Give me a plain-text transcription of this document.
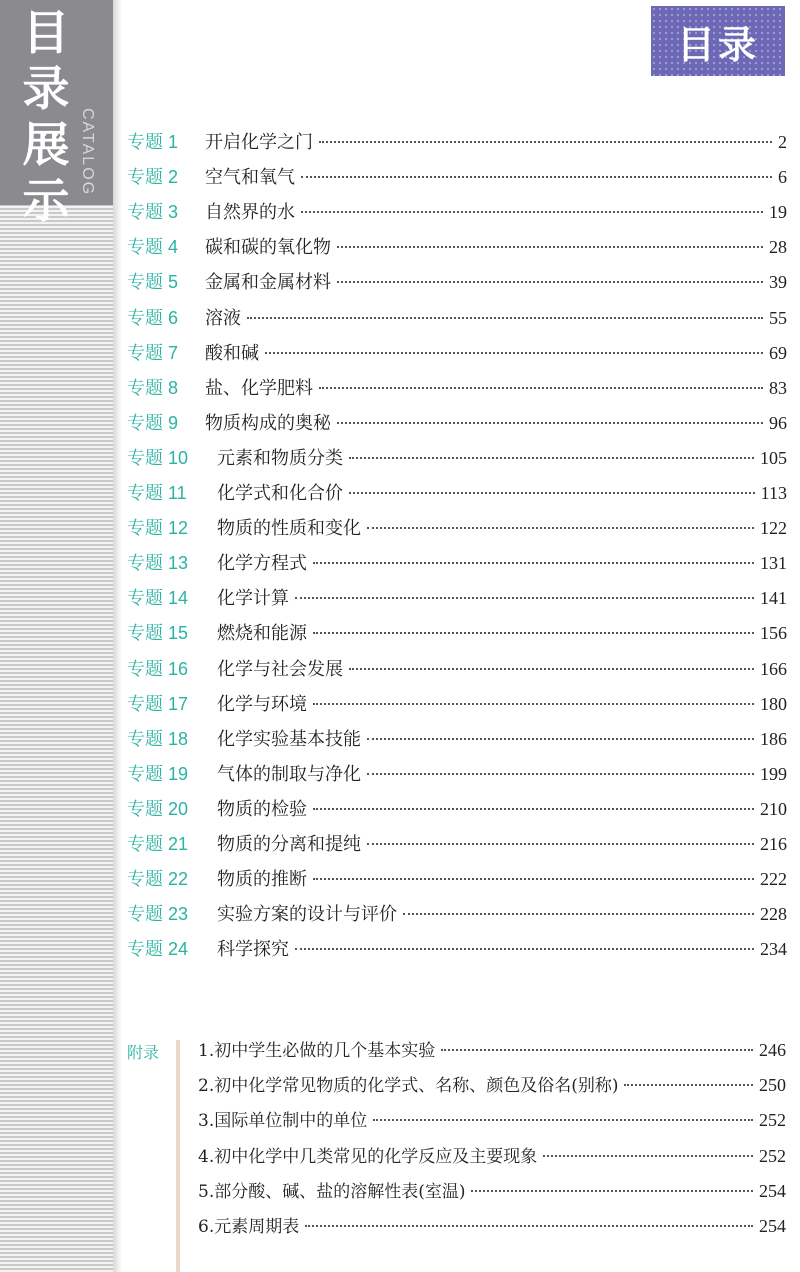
目
录
展
示
CATALOG
目录
专题 1	开启化学之门	2
专题 2	空气和氧气	6
专题 3	自然界的水	19
专题 4	碳和碳的氧化物	28
专题 5	金属和金属材料	39
专题 6	溶液	55
专题 7	酸和碱	69
专题 8	盐、化学肥料	83
专题 9	物质构成的奥秘	96
专题 10	元素和物质分类	105
专题 11	化学式和化合价	113
专题 12	物质的性质和变化	122
专题 13	化学方程式	131
专题 14	化学计算	141
专题 15	燃烧和能源	156
专题 16	化学与社会发展	166
专题 17	化学与环境	180
专题 18	化学实验基本技能	186
专题 19	气体的制取与净化	199
专题 20	物质的检验	210
专题 21	物质的分离和提纯	216
专题 22	物质的推断	222
专题 23	实验方案的设计与评价	228
专题 24	科学探究	234
附录 1.初中学生必做的几个基本实验	246
2.初中化学常见物质的化学式、名称、颜色及俗名(别称)	250
3.国际单位制中的单位	252
4.初中化学中几类常见的化学反应及主要现象	252
5.部分酸、碱、盐的溶解性表(室温)	254
6.元素周期表	254
